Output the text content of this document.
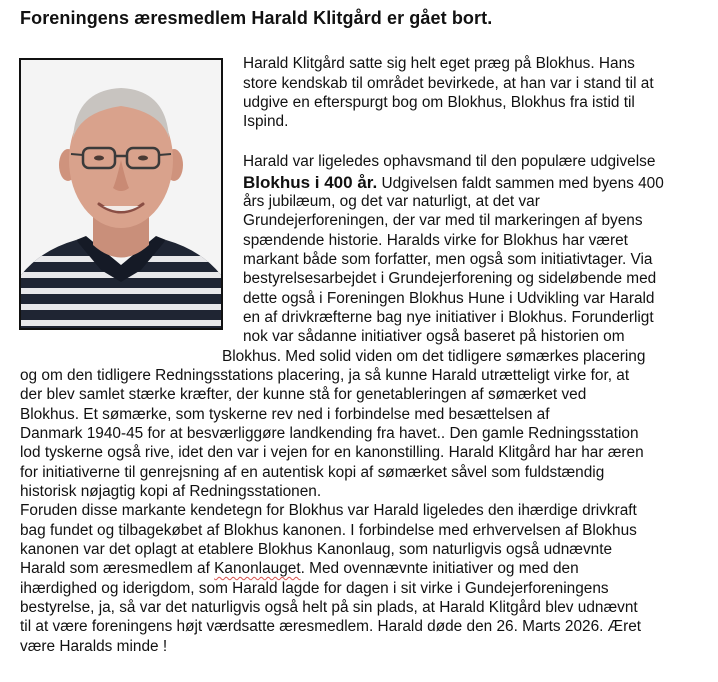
Foreningens æresmedlem Harald Klitgård er gået bort.
Harald Klitgård satte sig helt eget præg på Blokhus. Hans
store kendskab til området bevirkede, at han var i stand til at
udgive en efterspurgt bog om Blokhus, Blokhus fra istid til
Ispind.
Harald var ligeledes ophavsmand til den populære udgivelse
Blokhus i 400 år. Udgivelsen faldt sammen med byens 400
års jubilæum, og det var naturligt, at det var
Grundejerforeningen, der var med til markeringen af byens
spændende historie. Haralds virke for Blokhus har været
markant både som forfatter, men også som initiativtager. Via
bestyrelsesarbejdet i Grundejerforening og sideløbende med
dette også i Foreningen Blokhus Hune i Udvikling var Harald
en af drivkræfterne bag nye initiativer i Blokhus. Forunderligt
nok var sådanne initiativer også baseret på historien om
Blokhus. Med solid viden om det tidligere sømærkes placering
og om den tidligere Redningsstations placering, ja så kunne Harald utrætteligt virke for, at
der blev samlet stærke kræfter, der kunne stå for genetableringen af sømærket ved
Blokhus. Et sømærke, som tyskerne rev ned i forbindelse med besættelsen af
Danmark 1940-45 for at besværliggøre landkending fra havet.. Den gamle Redningsstation
lod tyskerne også rive, idet den var i vejen for en kanonstilling. Harald Klitgård har har æren
for initiativerne til genrejsning af en autentisk kopi af sømærket såvel som fuldstændig
historisk nøjagtig kopi af Redningsstationen.
Foruden disse markante kendetegn for Blokhus var Harald ligeledes den ihærdige drivkraft
bag fundet og tilbagekøbet af Blokhus kanonen. I forbindelse med erhvervelsen af Blokhus
kanonen var det oplagt at etablere Blokhus Kanonlaug, som naturligvis også udnævnte
Harald som æresmedlem af Kanonlauget. Med ovennævnte initiativer og med den
ihærdighed og iderigdom, som Harald lagde for dagen i sit virke i Gundejerforeningens
bestyrelse, ja, så var det naturligvis også helt på sin plads, at Harald Klitgård blev udnævnt
til at være foreningens højt værdsatte æresmedlem. Harald døde den 26. Marts 2026. Æret
være Haralds minde !
